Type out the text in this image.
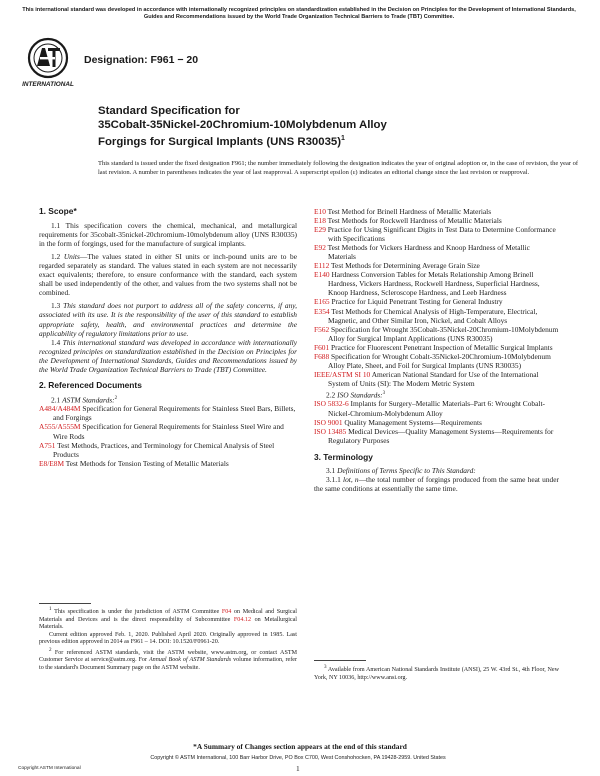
This international standard was developed in accordance with internationally recognized principles on standardization established in the Decision on Principles for the Development of International Standards, Guides and Recommendations issued by the World Trade Organization Technical Barriers to Trade (TBT) Committee.
INTERNATIONAL
Designation: F961 − 20
Standard Specification for
35Cobalt-35Nickel-20Chromium-10Molybdenum Alloy
Forgings for Surgical Implants (UNS R30035)$^1$
This standard is issued under the fixed designation F961; the number immediately following the designation indicates the year of original adoption or, in the case of revision, the year of last revision. A number in parentheses indicates the year of last reapproval. A superscript epsilon (ε) indicates an editorial change since the last revision or reapproval.
1. Scope*

1.1 This specification covers the chemical, mechanical, and metallurgical requirements for 35cobalt-35nickel-20chromium-10molybdenum alloy (UNS R30035) in the form of forgings, used for the manufacture of surgical implants.

1.2 Units—The values stated in either SI units or inch-pound units are to be regarded separately as standard. The values stated in each system are not necessarily exact equivalents; therefore, to ensure conformance with the standard, each system shall be used independently of the other, and values from the two systems shall not be combined.

1.3 This standard does not purport to address all of the safety concerns, if any, associated with its use. It is the responsibility of the user of this standard to establish appropriate safety, health, and environmental practices and determine the applicability of regulatory limitations prior to use.

1.4 This international standard was developed in accordance with internationally recognized principles on standardization established in the Decision on Principles for the Development of International Standards, Guides and Recommendations issued by the World Trade Organization Technical Barriers to Trade (TBT) Committee.

2. Referenced Documents

2.1 ASTM Standards:$^2$

A484/A484M Specification for General Requirements for Stainless Steel Bars, Billets, and Forgings

A555/A555M Specification for General Requirements for Stainless Steel Wire and Wire Rods

A751 Test Methods, Practices, and Terminology for Chemical Analysis of Steel Products

E8/E8M Test Methods for Tension Testing of Metallic Materials

$^1$ This specification is under the jurisdiction of ASTM Committee F04 on Medical and Surgical Materials and Devices and is the direct responsibility of Subcommittee F04.12 on Metallurgical Materials.

Current edition approved Feb. 1, 2020. Published April 2020. Originally approved in 1985. Last previous edition approved in 2014 as F961 – 14. DOI: 10.1520/F0961-20.

$^2$ For referenced ASTM standards, visit the ASTM website, www.astm.org, or contact ASTM Customer Service at service@astm.org. For Annual Book of ASTM Standards volume information, refer to the standard's Document Summary page on the ASTM website.

E10 Test Method for Brinell Hardness of Metallic Materials

E18 Test Methods for Rockwell Hardness of Metallic Materials

E29 Practice for Using Significant Digits in Test Data to Determine Conformance with Specifications

E92 Test Methods for Vickers Hardness and Knoop Hardness of Metallic Materials

E112 Test Methods for Determining Average Grain Size

E140 Hardness Conversion Tables for Metals Relationship Among Brinell Hardness, Vickers Hardness, Rockwell Hardness, Superficial Hardness, Knoop Hardness, Scleroscope Hardness, and Leeb Hardness

E165 Practice for Liquid Penetrant Testing for General Industry

E354 Test Methods for Chemical Analysis of High-Temperature, Electrical, Magnetic, and Other Similar Iron, Nickel, and Cobalt Alloys

F562 Specification for Wrought 35Cobalt-35Nickel-20Chromium-10Molybdenum Alloy for Surgical Implant Applications (UNS R30035)

F601 Practice for Fluorescent Penetrant Inspection of Metallic Surgical Implants

F688 Specification for Wrought Cobalt-35Nickel-20Chromium-10Molybdenum Alloy Plate, Sheet, and Foil for Surgical Implants (UNS R30035)

IEEE/ASTM SI 10 American National Standard for Use of the International System of Units (SI): The Modern Metric System

2.2 ISO Standards:$^3$

ISO 5832-6 Implants for Surgery–Metallic Materials–Part 6: Wrought Cobalt-Nickel-Chromium-Molybdenum Alloy

ISO 9001 Quality Management Systems—Requirements

ISO 13485 Medical Devices—Quality Management Systems—Requirements for Regulatory Purposes

3. Terminology

3.1 Definitions of Terms Specific to This Standard:

3.1.1 lot, n—the total number of forgings produced from the same heat under the same conditions at essentially the same time.

$^3$ Available from American National Standards Institute (ANSI), 25 W. 43rd St., 4th Floor, New York, NY 10036, http://www.ansi.org.

*A Summary of Changes section appears at the end of this standard
Copyright © ASTM International, 100 Barr Harbor Drive, PO Box C700, West Conshohocken, PA 19428-2959. United States
Copyright ASTM International	1
